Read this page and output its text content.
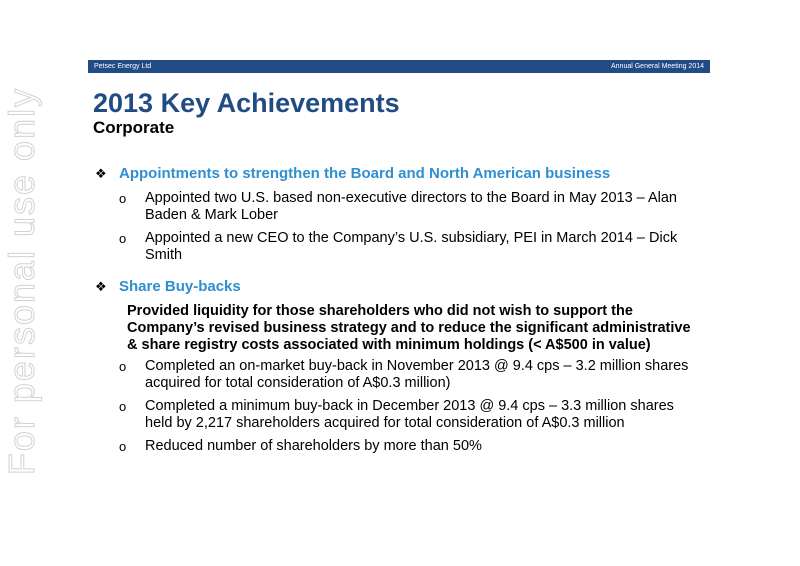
For personal use only
Petsec Energy Ltd	Annual General Meeting 2014
2013 Key Achievements
Corporate
❖ Appointments to strengthen the Board and North American business
o	Appointed two U.S. based non-executive directors to the Board in May 2013 – Alan Baden & Mark Lober
o	Appointed a new CEO to the Company’s U.S. subsidiary, PEI in March 2014 – Dick Smith
❖ Share Buy-backs
Provided liquidity for those shareholders who did not wish to support the Company’s revised business strategy and to reduce the significant administrative & share registry costs associated with minimum holdings (< A$500 in value)
o	Completed an on-market buy-back in November 2013 @ 9.4 cps – 3.2 million shares acquired for total consideration of A$0.3 million)
o	Completed a minimum buy-back in December 2013 @ 9.4 cps – 3.3 million shares held by 2,217 shareholders acquired for total consideration of A$0.3 million
o	Reduced number of shareholders by more than 50%
